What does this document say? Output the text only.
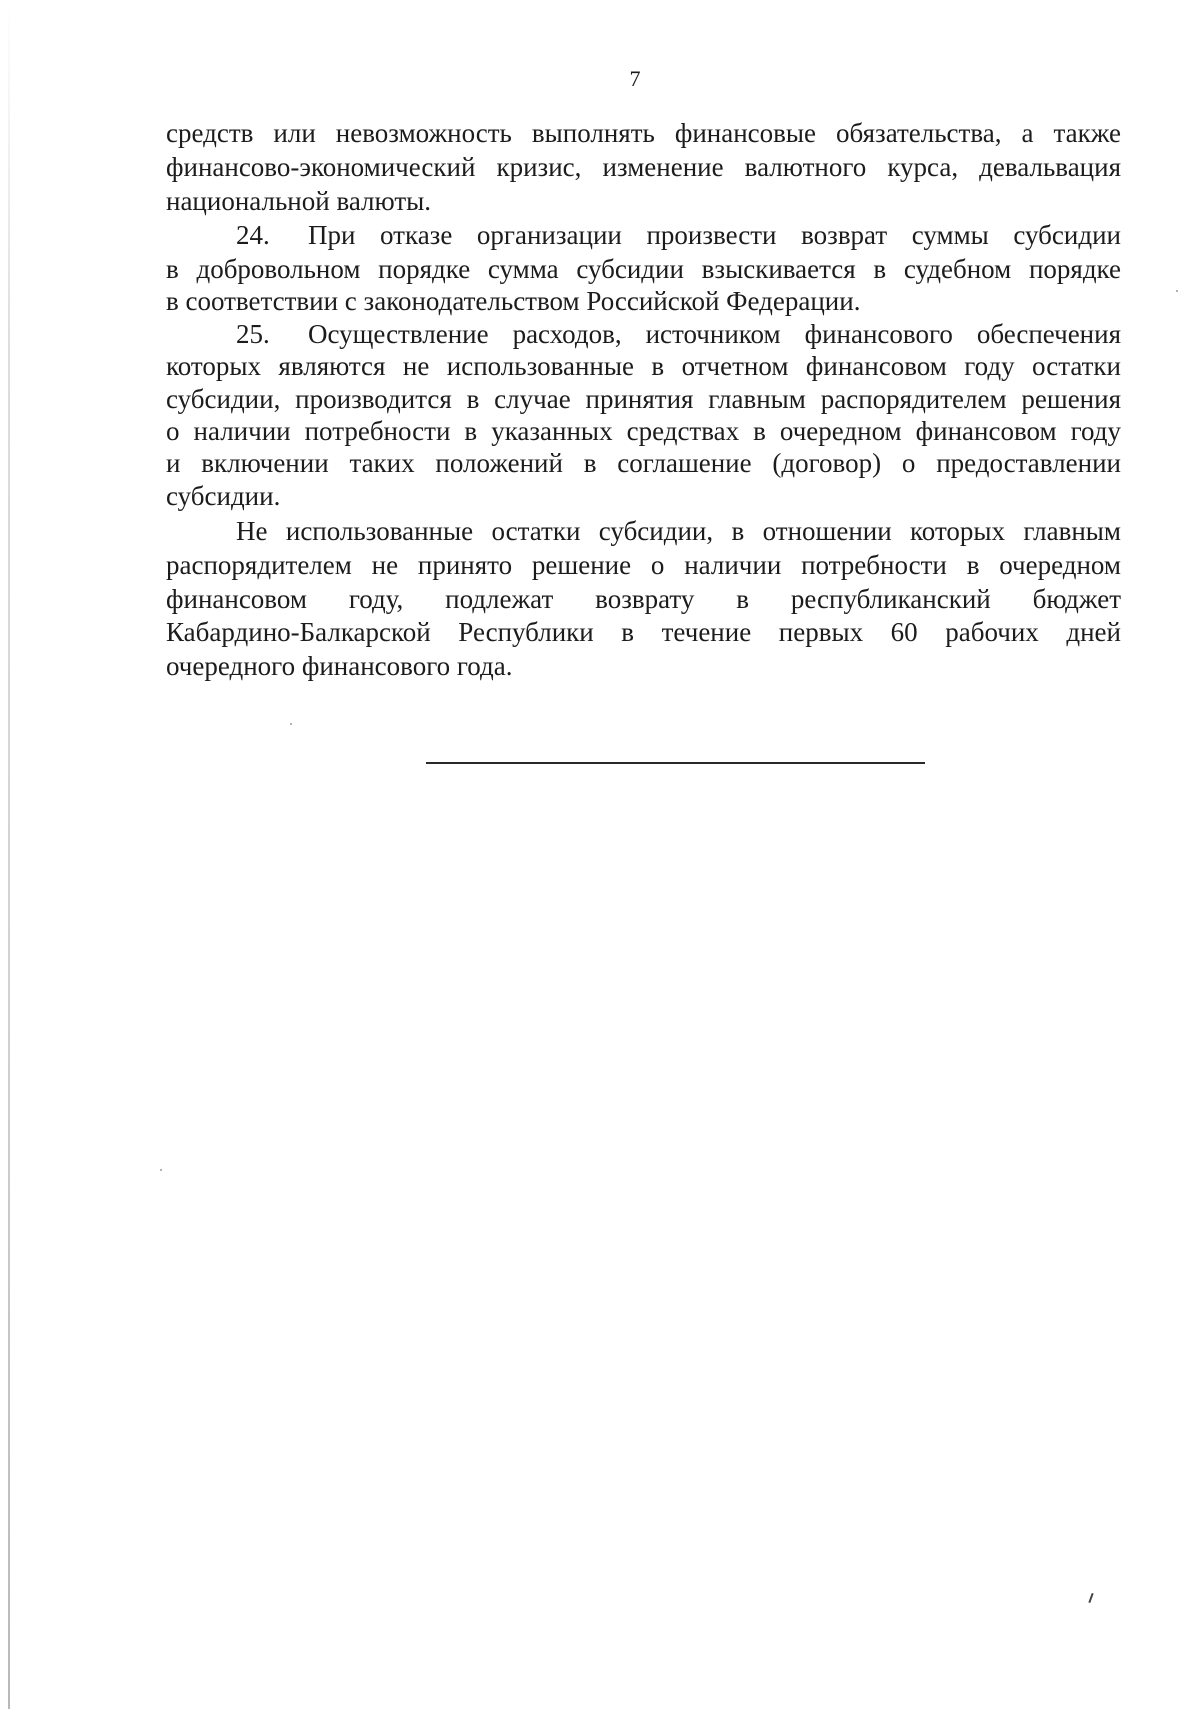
7
средств или невозможность выполнять финансовые обязательства, а также
финансово-экономический кризис, изменение валютного курса, девальвация
национальной валюты.
24. При отказе организации произвести возврат суммы субсидии
в добровольном порядке сумма субсидии взыскивается в судебном порядке
в соответствии с законодательством Российской Федерации.
25. Осуществление расходов, источником финансового обеспечения
которых являются не использованные в отчетном финансовом году остатки
субсидии, производится в случае принятия главным распорядителем решения
о наличии потребности в указанных средствах в очередном финансовом году
и включении таких положений в соглашение (договор) о предоставлении
субсидии.
Не использованные остатки субсидии, в отношении которых главным
распорядителем не принято решение о наличии потребности в очередном
финансовом году, подлежат возврату в республиканский бюджет
Кабардино-Балкарской Республики в течение первых 60 рабочих дней
очередного финансового года.
